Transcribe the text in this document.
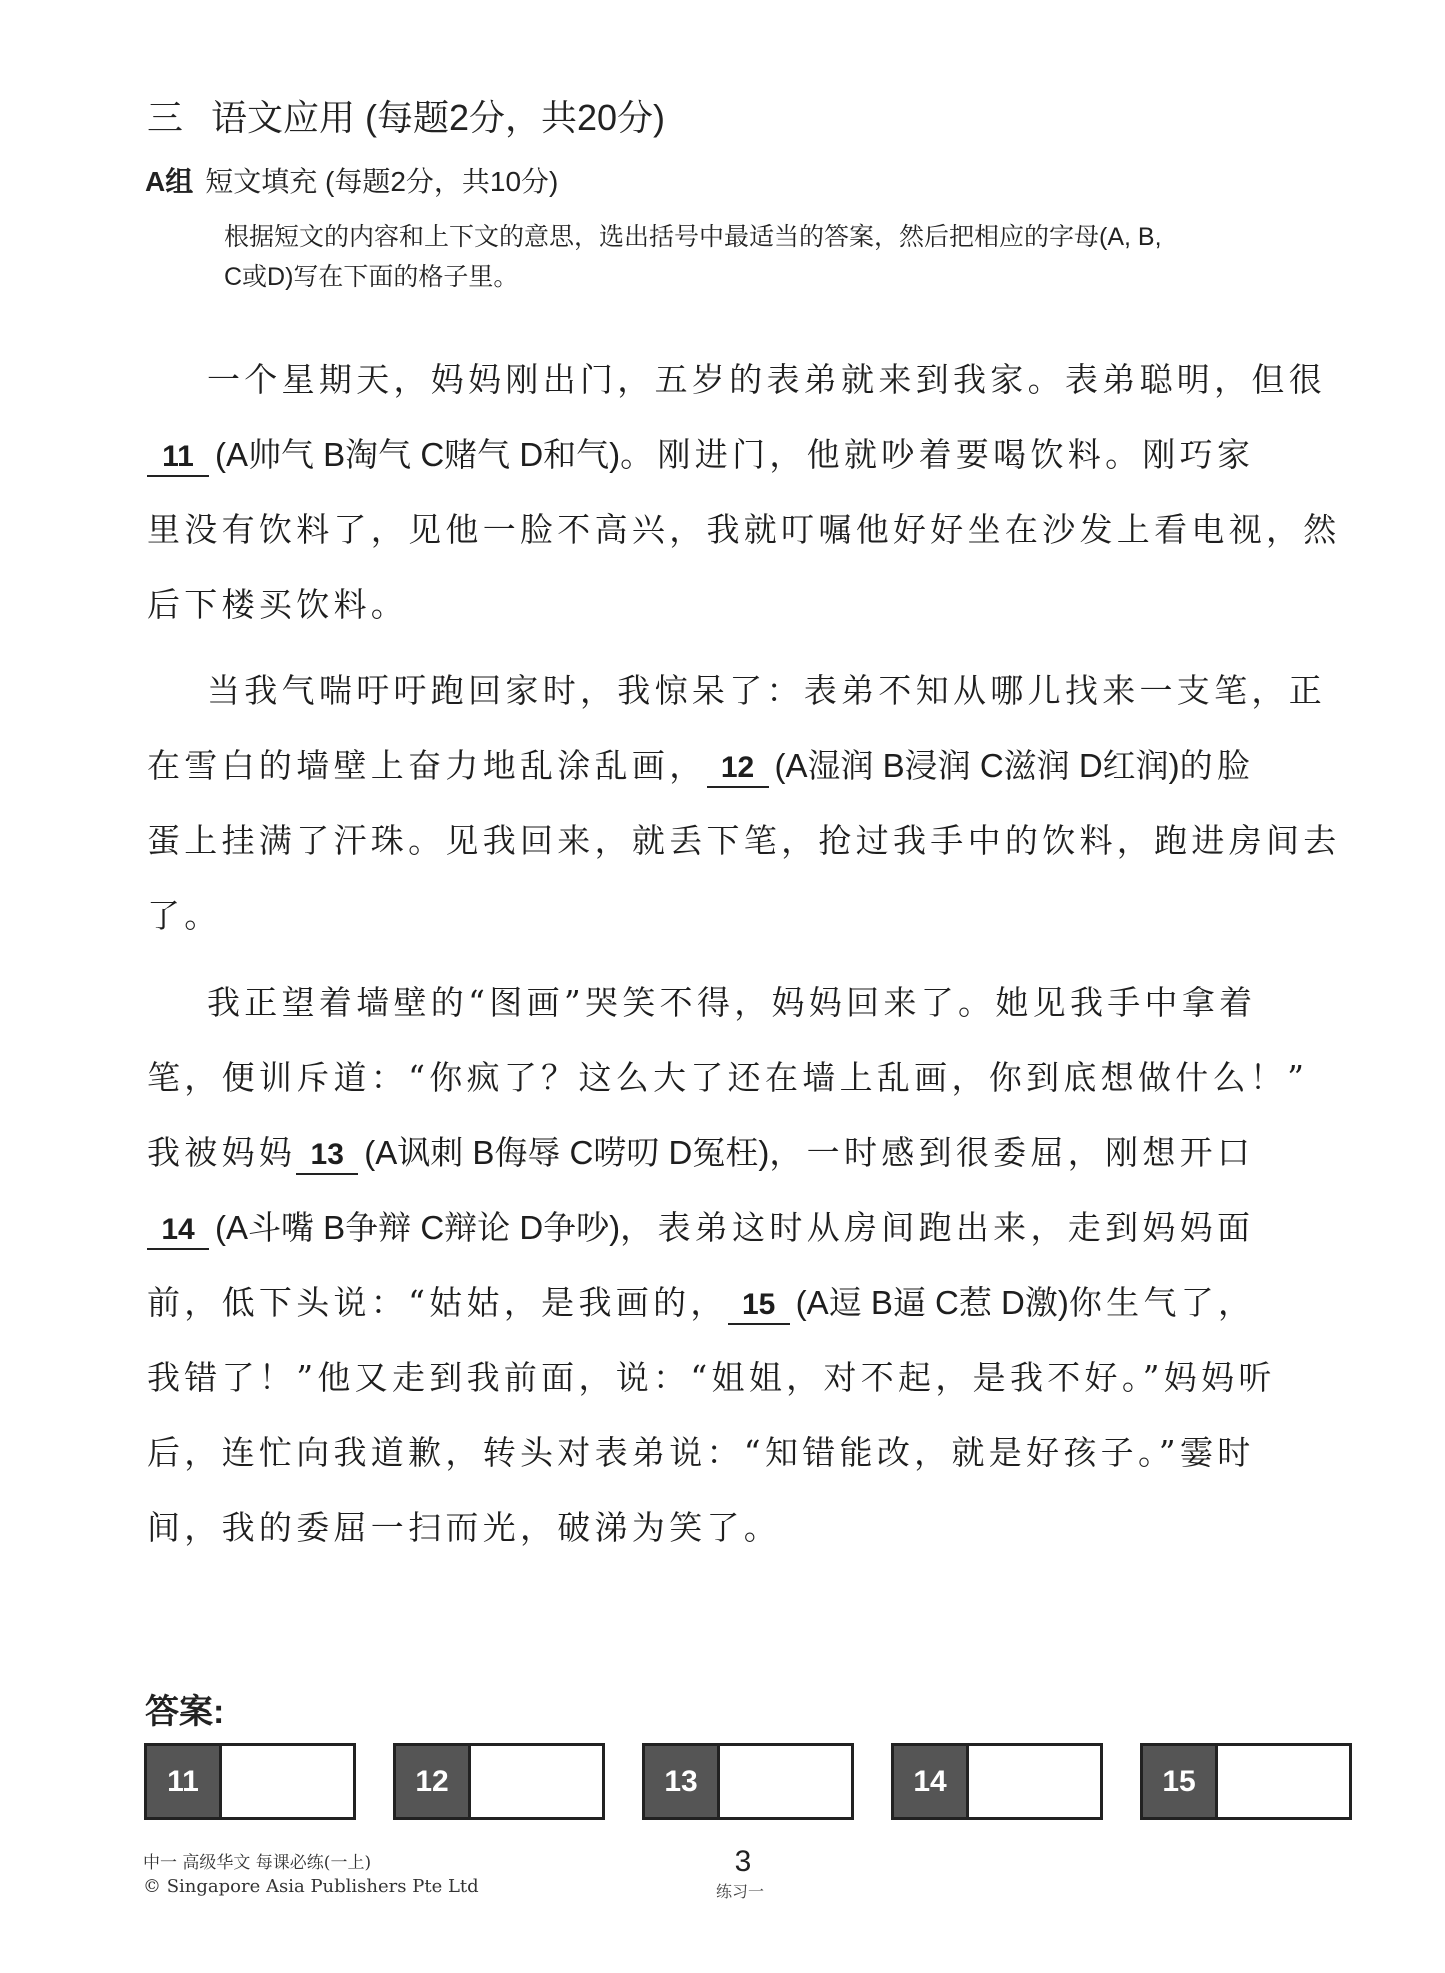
三 语文应用 (每题2分，共20分)
A组 短文填充 (每题2分，共10分)
根据短文的内容和上下文的意思，选出括号中最适当的答案，然后把相应的字母(A, B,
C或D)写在下面的格子里。
一个星期天，妈妈刚出门，五岁的表弟就来到我家。表弟聪明，但很
11 (A帅气 B淘气 C赌气 D和气)。刚进门，他就吵着要喝饮料。刚巧家
里没有饮料了，见他一脸不高兴，我就叮嘱他好好坐在沙发上看电视，然
后下楼买饮料。
当我气喘吁吁跑回家时，我惊呆了：表弟不知从哪儿找来一支笔，正
在雪白的墙壁上奋力地乱涂乱画， 12 (A湿润 B浸润 C滋润 D红润)的脸
蛋上挂满了汗珠。见我回来，就丢下笔，抢过我手中的饮料，跑进房间去
了。
我正望着墙壁的“图画”哭笑不得，妈妈回来了。她见我手中拿着
笔，便训斥道：“你疯了？这么大了还在墙上乱画，你到底想做什么！”
我被妈妈 13 (A讽刺 B侮辱 C唠叨 D冤枉)，一时感到很委屈，刚想开口
14 (A斗嘴 B争辩 C辩论 D争吵)，表弟这时从房间跑出来，走到妈妈面
前，低下头说：“姑姑，是我画的， 15 (A逗 B逼 C惹 D激)你生气了，
我错了！”他又走到我前面，说：“姐姐，对不起，是我不好。”妈妈听
后，连忙向我道歉，转头对表弟说：“知错能改，就是好孩子。”霎时
间，我的委屈一扫而光，破涕为笑了。
答案:
11	12	13	14	15
中一 高级华文 每课必练(一上)
© Singapore Asia Publishers Pte Ltd
3
练习一
